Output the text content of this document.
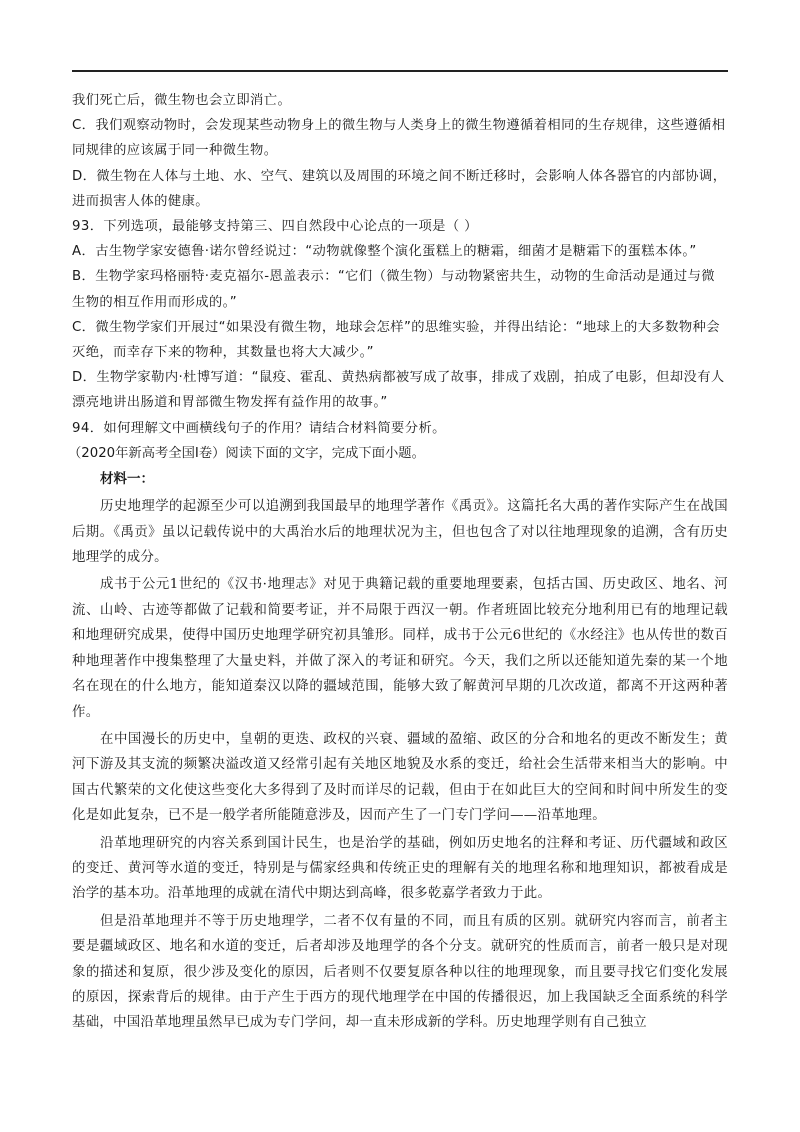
我们死亡后，微生物也会立即消亡。

C．我们观察动物时，会发现某些动物身上的微生物与人类身上的微生物遵循着相同的生存规律，这些遵循相同规律的应该属于同一种微生物。

D．微生物在人体与土地、水、空气、建筑以及周围的环境之间不断迁移时，会影响人体各器官的内部协调，进而损害人体的健康。

93．下列选项，最能够支持第三、四自然段中心论点的一项是（ ）

A．古生物学家安德鲁·诺尔曾经说过：“动物就像整个演化蛋糕上的糖霜，细菌才是糖霜下的蛋糕本体。”

B．生物学家玛格丽特·麦克福尔-恩盖表示：“它们（微生物）与动物紧密共生，动物的生命活动是通过与微生物的相互作用而形成的。”

C．微生物学家们开展过“如果没有微生物，地球会怎样”的思维实验，并得出结论：“地球上的大多数物种会灭绝，而幸存下来的物种，其数量也将大大减少。”

D．生物学家勒内·杜博写道：“鼠疫、霍乱、黄热病都被写成了故事，排成了戏剧，拍成了电影，但却没有人漂亮地讲出肠道和胃部微生物发挥有益作用的故事。”

94．如何理解文中画横线句子的作用？请结合材料简要分析。

（2020年新高考全国Ⅰ卷）阅读下面的文字，完成下面小题。

材料一：

历史地理学的起源至少可以追溯到我国最早的地理学著作《禹贡》。这篇托名大禹的著作实际产生在战国后期。《禹贡》虽以记载传说中的大禹治水后的地理状况为主，但也包含了对以往地理现象的追溯，含有历史地理学的成分。

成书于公元1世纪的《汉书·地理志》对见于典籍记载的重要地理要素，包括古国、历史政区、地名、河流、山岭、古迹等都做了记载和简要考证，并不局限于西汉一朝。作者班固比较充分地利用已有的地理记载和地理研究成果，使得中国历史地理学研究初具雏形。同样，成书于公元6世纪的《水经注》也从传世的数百种地理著作中搜集整理了大量史料，并做了深入的考证和研究。今天，我们之所以还能知道先秦的某一个地名在现在的什么地方，能知道秦汉以降的疆域范围，能够大致了解黄河早期的几次改道，都离不开这两种著作。

在中国漫长的历史中，皇朝的更迭、政权的兴衰、疆域的盈缩、政区的分合和地名的更改不断发生；黄河下游及其支流的频繁决溢改道又经常引起有关地区地貌及水系的变迁，给社会生活带来相当大的影响。中国古代繁荣的文化使这些变化大多得到了及时而详尽的记载，但由于在如此巨大的空间和时间中所发生的变化是如此复杂，已不是一般学者所能随意涉及，因而产生了一门专门学问——沿革地理。

沿革地理研究的内容关系到国计民生，也是治学的基础，例如历史地名的注释和考证、历代疆域和政区的变迁、黄河等水道的变迁，特别是与儒家经典和传统正史的理解有关的地理名称和地理知识，都被看成是治学的基本功。沿革地理的成就在清代中期达到高峰，很多乾嘉学者致力于此。

但是沿革地理并不等于历史地理学，二者不仅有量的不同，而且有质的区别。就研究内容而言，前者主要是疆域政区、地名和水道的变迁，后者却涉及地理学的各个分支。就研究的性质而言，前者一般只是对现象的描述和复原，很少涉及变化的原因，后者则不仅要复原各种以往的地理现象，而且要寻找它们变化发展的原因，探索背后的规律。由于产生于西方的现代地理学在中国的传播很迟，加上我国缺乏全面系统的科学基础，中国沿革地理虽然早已成为专门学问，却一直未形成新的学科。历史地理学则有自己独立
